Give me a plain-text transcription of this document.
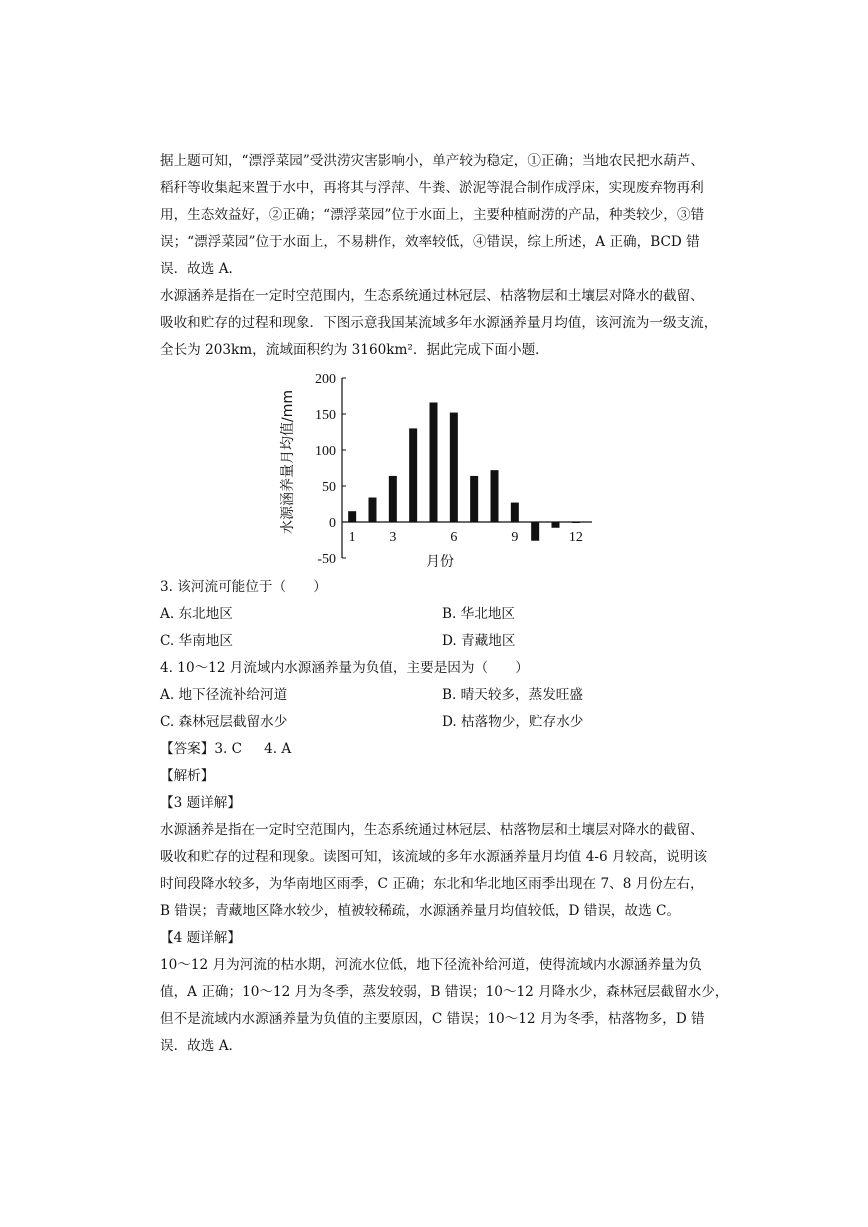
据上题可知，“漂浮菜园”受洪涝灾害影响小，单产较为稳定，①正确；当地农民把水葫芦、
稻秆等收集起来置于水中，再将其与浮萍、牛粪、淤泥等混合制作成浮床，实现废弃物再利
用，生态效益好，②正确；“漂浮菜园”位于水面上，主要种植耐涝的产品，种类较少，③错
误；“漂浮菜园”位于水面上，不易耕作，效率较低，④错误，综上所述，A 正确，BCD 错
误．故选 A．

水源涵养是指在一定时空范围内，生态系统通过林冠层、枯落物层和土壤层对降水的截留、
吸收和贮存的过程和现象．下图示意我国某流域多年水源涵养量月均值，该河流为一级支流，
全长为 203km，流域面积约为 3160km²．据此完成下面小题．

200
150
100
50
0
-50
1 3	6	9	12
月份
水源涵养量月均值/mm

3. 该河流可能位于（　　）

A. 东北地区	B. 华北地区
C. 华南地区	D. 青藏地区

4. 10～12 月流域内水源涵养量为负值，主要是因为（　　）

A. 地下径流补给河道	B. 晴天较多，蒸发旺盛
C. 森林冠层截留水少	D. 枯落物少，贮存水少

【答案】3. C 4. A

【解析】

【3 题详解】

水源涵养是指在一定时空范围内，生态系统通过林冠层、枯落物层和土壤层对降水的截留、
吸收和贮存的过程和现象。读图可知，该流域的多年水源涵养量月均值 4-6 月较高，说明该
时间段降水较多，为华南地区雨季，C 正确；东北和华北地区雨季出现在 7、8 月份左右，
B 错误；青藏地区降水较少，植被较稀疏，水源涵养量月均值较低，D 错误，故选 C。

【4 题详解】

10～12 月为河流的枯水期，河流水位低，地下径流补给河道，使得流域内水源涵养量为负
值，A 正确；10～12 月为冬季，蒸发较弱，B 错误；10～12 月降水少，森林冠层截留水少，
但不是流域内水源涵养量为负值的主要原因，C 错误；10～12 月为冬季，枯落物多，D 错
误．故选 A．
